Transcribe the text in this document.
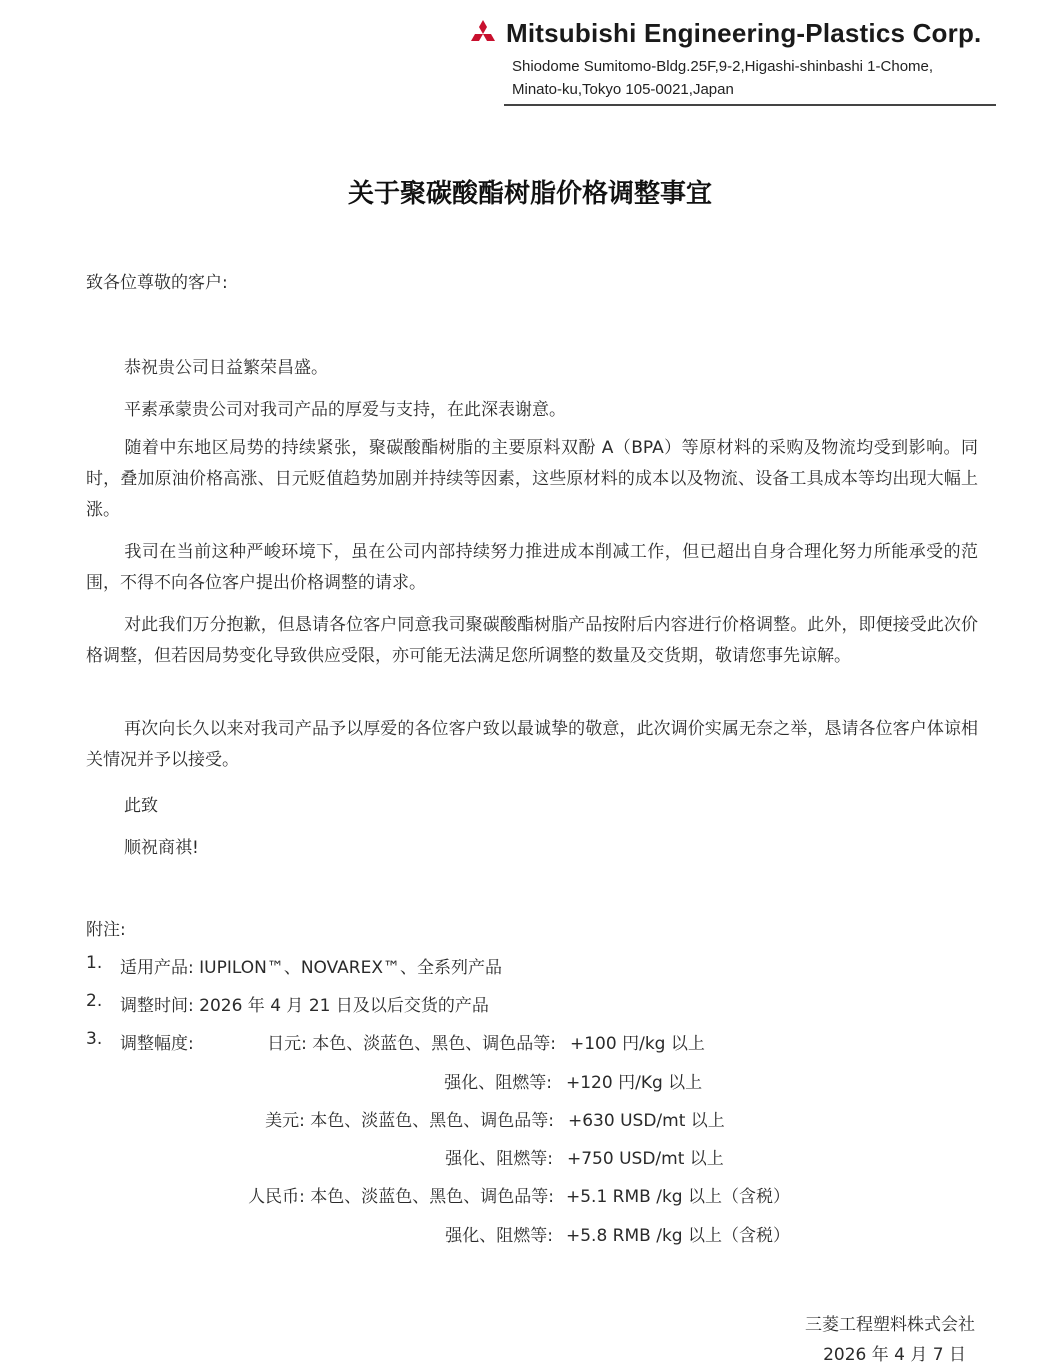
Mitsubishi Engineering-Plastics Corp.
Shiodome Sumitomo-Bldg.25F,9-2,Higashi-shinbashi 1-Chome,
Minato-ku,Tokyo 105-0021,Japan
关于聚碳酸酯树脂价格调整事宜
致各位尊敬的客户:
恭祝贵公司日益繁荣昌盛。
平素承蒙贵公司对我司产品的厚爱与支持，在此深表谢意。
随着中东地区局势的持续紧张，聚碳酸酯树脂的主要原料双酚 A（BPA）等原材料的采购及物流均受到影响。同时，叠加原油价格高涨、日元贬值趋势加剧并持续等因素，这些原材料的成本以及物流、设备工具成本等均出现大幅上涨。
我司在当前这种严峻环境下，虽在公司内部持续努力推进成本削减工作，但已超出自身合理化努力所能承受的范围，不得不向各位客户提出价格调整的请求。
对此我们万分抱歉，但恳请各位客户同意我司聚碳酸酯树脂产品按附后内容进行价格调整。此外，即便接受此次价格调整，但若因局势变化导致供应受限，亦可能无法满足您所调整的数量及交货期，敬请您事先谅解。
再次向长久以来对我司产品予以厚爱的各位客户致以最诚挚的敬意，此次调价实属无奈之举，恳请各位客户体谅相关情况并予以接受。
此致
顺祝商祺!
附注:
1. 适用产品: IUPILON™、NOVAREX™、全系列产品
2. 调整时间: 2026 年 4 月 21 日及以后交货的产品
3. 调整幅度:	日元: 本色、淡蓝色、黑色、调色品等: +100 円/kg 以上
强化、阻燃等: +120 円/Kg 以上
美元: 本色、淡蓝色、黑色、调色品等: +630 USD/mt 以上
强化、阻燃等: +750 USD/mt 以上
人民币: 本色、淡蓝色、黑色、调色品等: +5.1 RMB /kg 以上（含税）
强化、阻燃等: +5.8 RMB /kg 以上（含税）
三菱工程塑料株式会社
2026 年 4 月 7 日
